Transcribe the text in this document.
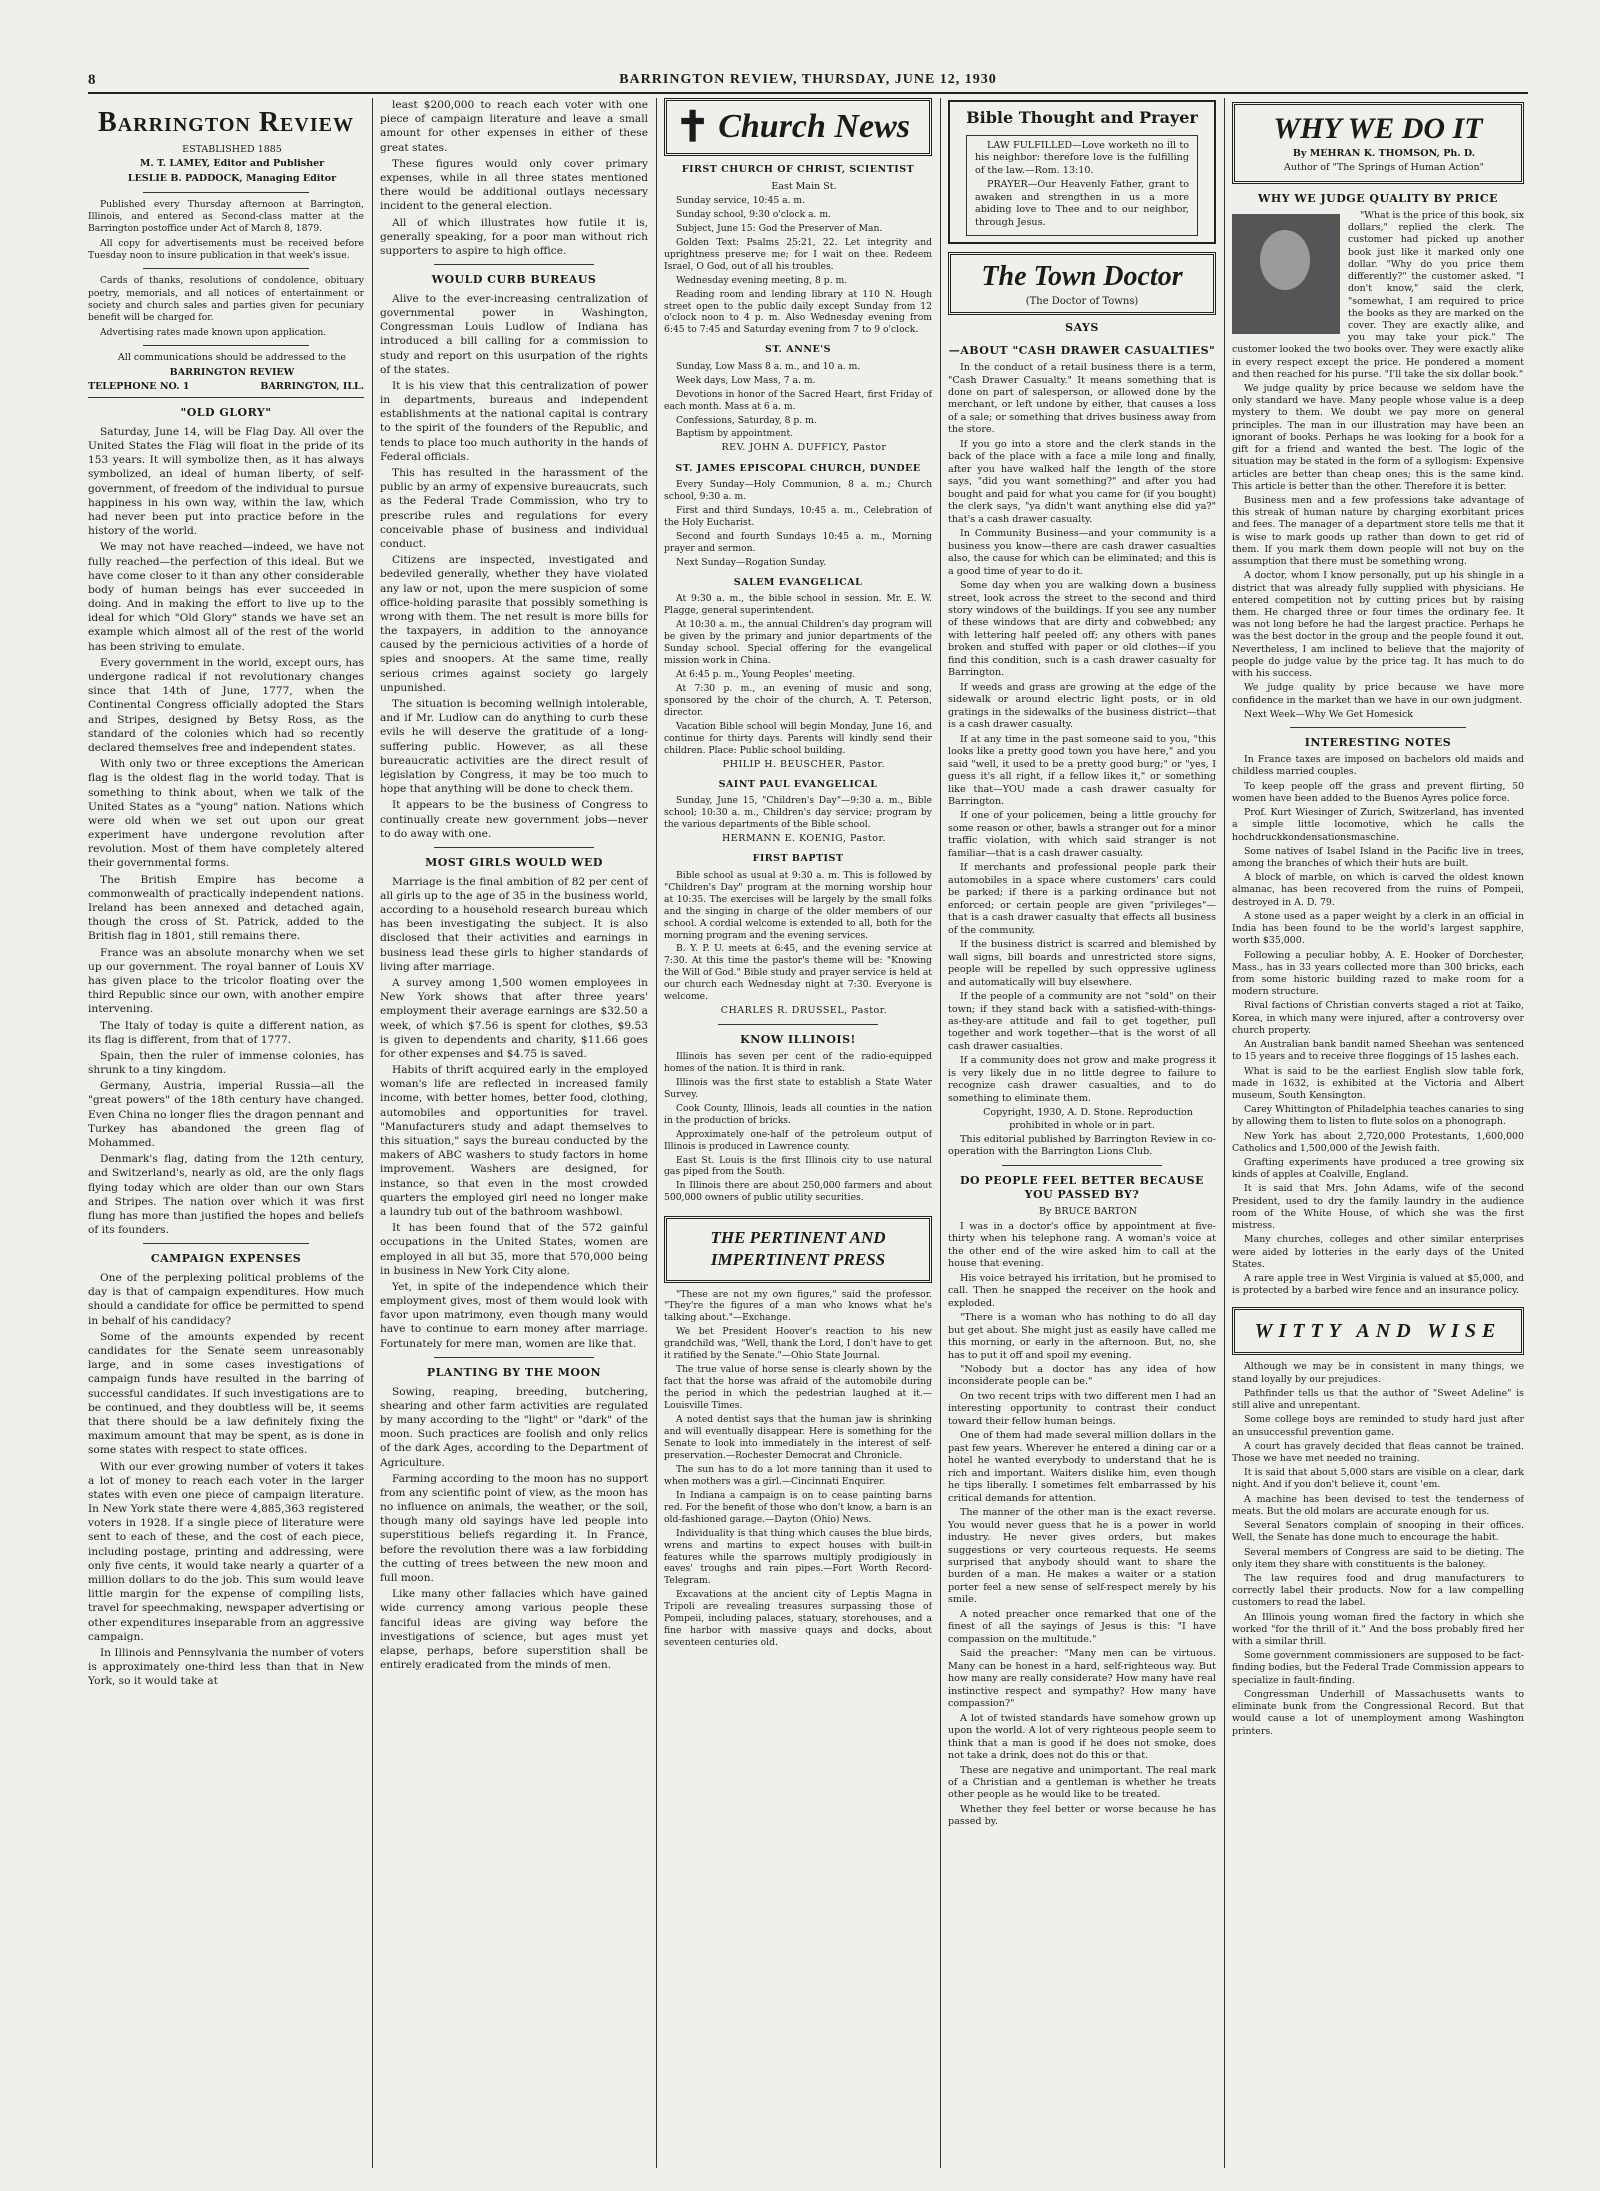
8	BARRINGTON REVIEW, THURSDAY, JUNE 12, 1930
Barrington Review

ESTABLISHED 1885

M. T. LAMEY, Editor and Publisher

LESLIE B. PADDOCK, Managing Editor

Published every Thursday afternoon at Barrington, Illinois, and entered as Second-class matter at the Barrington postoffice under Act of March 8, 1879.

All copy for advertisements must be received before Tuesday noon to insure publication in that week's issue.

Cards of thanks, resolutions of condolence, obituary poetry, memorials, and all notices of entertainment or society and church sales and parties given for pecuniary benefit will be charged for.

Advertising rates made known upon application.

All communications should be addressed to the

BARRINGTON REVIEW

TELEPHONE NO. 1	BARRINGTON, ILL.
"OLD GLORY"

Saturday, June 14, will be Flag Day. All over the United States the Flag will float in the pride of its 153 years. It will symbolize then, as it has always symbolized, an ideal of human liberty, of self-government, of freedom of the individual to pursue happiness in his own way, within the law, which had never been put into practice before in the history of the world.

We may not have reached—indeed, we have not fully reached—the perfection of this ideal. But we have come closer to it than any other considerable body of human beings has ever succeeded in doing. And in making the effort to live up to the ideal for which "Old Glory" stands we have set an example which almost all of the rest of the world has been striving to emulate.

Every government in the world, except ours, has undergone radical if not revolutionary changes since that 14th of June, 1777, when the Continental Congress officially adopted the Stars and Stripes, designed by Betsy Ross, as the standard of the colonies which had so recently declared themselves free and independent states.

With only two or three exceptions the American flag is the oldest flag in the world today. That is something to think about, when we talk of the United States as a "young" nation. Nations which were old when we set out upon our great experiment have undergone revolution after revolution. Most of them have completely altered their governmental forms.

The British Empire has become a commonwealth of practically independent nations. Ireland has been annexed and detached again, though the cross of St. Patrick, added to the British flag in 1801, still remains there.

France was an absolute monarchy when we set up our government. The royal banner of Louis XV has given place to the tricolor floating over the third Republic since our own, with another empire intervening.

The Italy of today is quite a different nation, as its flag is different, from that of 1777.

Spain, then the ruler of immense colonies, has shrunk to a tiny kingdom.

Germany, Austria, imperial Russia—all the "great powers" of the 18th century have changed. Even China no longer flies the dragon pennant and Turkey has abandoned the green flag of Mohammed.

Denmark's flag, dating from the 12th century, and Switzerland's, nearly as old, are the only flags flying today which are older than our own Stars and Stripes. The nation over which it was first flung has more than justified the hopes and beliefs of its founders.

CAMPAIGN EXPENSES

One of the perplexing political problems of the day is that of campaign expenditures. How much should a candidate for office be permitted to spend in behalf of his candidacy?

Some of the amounts expended by recent candidates for the Senate seem unreasonably large, and in some cases investigations of campaign funds have resulted in the barring of successful candidates. If such investigations are to be continued, and they doubtless will be, it seems that there should be a law definitely fixing the maximum amount that may be spent, as is done in some states with respect to state offices.

With our ever growing number of voters it takes a lot of money to reach each voter in the larger states with even one piece of campaign literature. In New York state there were 4,885,363 registered voters in 1928. If a single piece of literature were sent to each of these, and the cost of each piece, including postage, printing and addressing, were only five cents, it would take nearly a quarter of a million dollars to do the job. This sum would leave little margin for the expense of compiling lists, travel for speechmaking, newspaper advertising or other expenditures inseparable from an aggressive campaign.

In Illinois and Pennsylvania the number of voters is approximately one-third less than that in New York, so it would take at

least $200,000 to reach each voter with one piece of campaign literature and leave a small amount for other expenses in either of these great states.

These figures would only cover primary expenses, while in all three states mentioned there would be additional outlays necessary incident to the general election.

All of which illustrates how futile it is, generally speaking, for a poor man without rich supporters to aspire to high office.

WOULD CURB BUREAUS

Alive to the ever-increasing centralization of governmental power in Washington, Congressman Louis Ludlow of Indiana has introduced a bill calling for a commission to study and report on this usurpation of the rights of the states.

It is his view that this centralization of power in departments, bureaus and independent establishments at the national capital is contrary to the spirit of the founders of the Republic, and tends to place too much authority in the hands of Federal officials.

This has resulted in the harassment of the public by an army of expensive bureaucrats, such as the Federal Trade Commission, who try to prescribe rules and regulations for every conceivable phase of business and individual conduct.

Citizens are inspected, investigated and bedeviled generally, whether they have violated any law or not, upon the mere suspicion of some office-holding parasite that possibly something is wrong with them. The net result is more bills for the taxpayers, in addition to the annoyance caused by the pernicious activities of a horde of spies and snoopers. At the same time, really serious crimes against society go largely unpunished.

The situation is becoming wellnigh intolerable, and if Mr. Ludlow can do anything to curb these evils he will deserve the gratitude of a long-suffering public. However, as all these bureaucratic activities are the direct result of legislation by Congress, it may be too much to hope that anything will be done to check them.

It appears to be the business of Congress to continually create new government jobs—never to do away with one.

MOST GIRLS WOULD WED

Marriage is the final ambition of 82 per cent of all girls up to the age of 35 in the business world, according to a household research bureau which has been investigating the subject. It is also disclosed that their activities and earnings in business lead these girls to higher standards of living after marriage.

A survey among 1,500 women employees in New York shows that after three years' employment their average earnings are $32.50 a week, of which $7.56 is spent for clothes, $9.53 is given to dependents and charity, $11.66 goes for other expenses and $4.75 is saved.

Habits of thrift acquired early in the employed woman's life are reflected in increased family income, with better homes, better food, clothing, automobiles and opportunities for travel. "Manufacturers study and adapt themselves to this situation," says the bureau conducted by the makers of ABC washers to study factors in home improvement. Washers are designed, for instance, so that even in the most crowded quarters the employed girl need no longer make a laundry tub out of the bathroom washbowl.

It has been found that of the 572 gainful occupations in the United States, women are employed in all but 35, more that 570,000 being in business in New York City alone.

Yet, in spite of the independence which their employment gives, most of them would look with favor upon matrimony, even though many would have to continue to earn money after marriage. Fortunately for mere man, women are like that.

PLANTING BY THE MOON

Sowing, reaping, breeding, butchering, shearing and other farm activities are regulated by many according to the "light" or "dark" of the moon. Such practices are foolish and only relics of the dark Ages, according to the Department of Agriculture.

Farming according to the moon has no support from any scientific point of view, as the moon has no influence on animals, the weather, or the soil, though many old sayings have led people into superstitious beliefs regarding it. In France, before the revolution there was a law forbidding the cutting of trees between the new moon and full moon.

Like many other fallacies which have gained wide currency among various people these fanciful ideas are giving way before the investigations of science, but ages must yet elapse, perhaps, before superstition shall be entirely eradicated from the minds of men.

✝ Church News
FIRST CHURCH OF CHRIST, SCIENTIST

East Main St.

Sunday service, 10:45 a. m.

Sunday school, 9:30 o'clock a. m.

Subject, June 15: God the Preserver of Man.

Golden Text: Psalms 25:21, 22. Let integrity and uprightness preserve me; for I wait on thee. Redeem Israel, O God, out of all his troubles.

Wednesday evening meeting, 8 p. m.

Reading room and lending library at 110 N. Hough street open to the public daily except Sunday from 12 o'clock noon to 4 p. m. Also Wednesday evening from 6:45 to 7:45 and Saturday evening from 7 to 9 o'clock.

ST. ANNE'S

Sunday, Low Mass 8 a. m., and 10 a. m.

Week days, Low Mass, 7 a. m.

Devotions in honor of the Sacred Heart, first Friday of each month. Mass at 6 a. m.

Confessions, Saturday, 8 p. m.

Baptism by appointment.

REV. JOHN A. DUFFICY, Pastor

ST. JAMES EPISCOPAL CHURCH, DUNDEE

Every Sunday—Holy Communion, 8 a. m.; Church school, 9:30 a. m.

First and third Sundays, 10:45 a. m., Celebration of the Holy Eucharist.

Second and fourth Sundays 10:45 a. m., Morning prayer and sermon.

Next Sunday—Rogation Sunday.

SALEM EVANGELICAL

At 9:30 a. m., the bible school in session. Mr. E. W. Plagge, general superintendent.

At 10:30 a. m., the annual Children's day program will be given by the primary and junior departments of the Sunday school. Special offering for the evangelical mission work in China.

At 6:45 p. m., Young Peoples' meeting.

At 7:30 p. m., an evening of music and song, sponsored by the choir of the church, A. T. Peterson, director.

Vacation Bible school will begin Monday, June 16, and continue for thirty days. Parents will kindly send their children. Place: Public school building.

PHILIP H. BEUSCHER, Pastor.

SAINT PAUL EVANGELICAL

Sunday, June 15, "Children's Day"—9:30 a. m., Bible school; 10:30 a. m., Children's day service; program by the various departments of the Bible school.

HERMANN E. KOENIG, Pastor.

FIRST BAPTIST

Bible school as usual at 9:30 a. m. This is followed by "Children's Day" program at the morning worship hour at 10:35. The exercises will be largely by the small folks and the singing in charge of the older members of our school. A cordial welcome is extended to all, both for the morning program and the evening services.

B. Y. P. U. meets at 6:45, and the evening service at 7:30. At this time the pastor's theme will be: "Knowing the Will of God." Bible study and prayer service is held at our church each Wednesday night at 7:30. Everyone is welcome.

CHARLES R. DRUSSEL, Pastor.

KNOW ILLINOIS!

Illinois has seven per cent of the radio-equipped homes of the nation. It is third in rank.

Illinois was the first state to establish a State Water Survey.

Cook County, Illinois, leads all counties in the nation in the production of bricks.

Approximately one-half of the petroleum output of Illinois is produced in Lawrence county.

East St. Louis is the first Illinois city to use natural gas piped from the South.

In Illinois there are about 250,000 farmers and about 500,000 owners of public utility securities.

THE PERTINENT AND IMPERTINENT PRESS

"These are not my own figures," said the professor. "They're the figures of a man who knows what he's talking about."—Exchange.

We bet President Hoover's reaction to his new grandchild was, "Well, thank the Lord, I don't have to get it ratified by the Senate."—Ohio State Journal.

The true value of horse sense is clearly shown by the fact that the horse was afraid of the automobile during the period in which the pedestrian laughed at it.—Louisville Times.

A noted dentist says that the human jaw is shrinking and will eventually disappear. Here is something for the Senate to look into immediately in the interest of self-preservation.—Rochester Democrat and Chronicle.

The sun has to do a lot more tanning than it used to when mothers was a girl.—Cincinnati Enquirer.

In Indiana a campaign is on to cease painting barns red. For the benefit of those who don't know, a barn is an old-fashioned garage.—Dayton (Ohio) News.

Individuality is that thing which causes the blue birds, wrens and martins to expect houses with built-in features while the sparrows multiply prodigiously in eaves' troughs and rain pipes.—Fort Worth Record-Telegram.

Excavations at the ancient city of Leptis Magna in Tripoli are revealing treasures surpassing those of Pompeii, including palaces, statuary, storehouses, and a fine harbor with massive quays and docks, about seventeen centuries old.

Bible Thought and Prayer

LAW FULFILLED—Love worketh no ill to his neighbor: therefore love is the fulfilling of the law.—Rom. 13:10.

PRAYER—Our Heavenly Father, grant to awaken and strengthen in us a more abiding love to Thee and to our neighbor, through Jesus.

The Town Doctor
(The Doctor of Towns)
SAYS
—ABOUT "CASH DRAWER CASUALTIES"

In the conduct of a retail business there is a term, "Cash Drawer Casualty." It means something that is done on part of salesperson, or allowed done by the merchant, or left undone by either, that causes a loss of a sale; or something that drives business away from the store.

If you go into a store and the clerk stands in the back of the place with a face a mile long and finally, after you have walked half the length of the store says, "did you want something?" and after you had bought and paid for what you came for (if you bought) the clerk says, "ya didn't want anything else did ya?" that's a cash drawer casualty.

In Community Business—and your community is a business you know—there are cash drawer casualties also, the cause for which can be eliminated; and this is a good time of year to do it.

Some day when you are walking down a business street, look across the street to the second and third story windows of the buildings. If you see any number of these windows that are dirty and cobwebbed; any with lettering half peeled off; any others with panes broken and stuffed with paper or old clothes—if you find this condition, such is a cash drawer casualty for Barrington.

If weeds and grass are growing at the edge of the sidewalk or around electric light posts, or in old gratings in the sidewalks of the business district—that is a cash drawer casualty.

If at any time in the past someone said to you, "this looks like a pretty good town you have here," and you said "well, it used to be a pretty good burg;" or "yes, I guess it's all right, if a fellow likes it," or something like that—YOU made a cash drawer casualty for Barrington.

If one of your policemen, being a little grouchy for some reason or other, bawls a stranger out for a minor traffic violation, with which said stranger is not familiar—that is a cash drawer casualty.

If merchants and professional people park their automobiles in a space where customers' cars could be parked; if there is a parking ordinance but not enforced; or certain people are given "privileges"—that is a cash drawer casualty that effects all business of the community.

If the business district is scarred and blemished by wall signs, bill boards and unrestricted store signs, people will be repelled by such oppressive ugliness and automatically will buy elsewhere.

If the people of a community are not "sold" on their town; if they stand back with a satisfied-with-things-as-they-are attitude and fail to get together, pull together and work together—that is the worst of all cash drawer casualties.

If a community does not grow and make progress it is very likely due in no little degree to failure to recognize cash drawer casualties, and to do something to eliminate them.

Copyright, 1930, A. D. Stone. Reproduction prohibited in whole or in part.

This editorial published by Barrington Review in co-operation with the Barrington Lions Club.

DO PEOPLE FEEL BETTER BECAUSE YOU PASSED BY?

By BRUCE BARTON

I was in a doctor's office by appointment at five-thirty when his telephone rang. A woman's voice at the other end of the wire asked him to call at the house that evening.

His voice betrayed his irritation, but he promised to call. Then he snapped the receiver on the hook and exploded.

"There is a woman who has nothing to do all day but get about. She might just as easily have called me this morning, or early in the afternoon. But, no, she has to put it off and spoil my evening.

"Nobody but a doctor has any idea of how inconsiderate people can be."

On two recent trips with two different men I had an interesting opportunity to contrast their conduct toward their fellow human beings.

One of them had made several million dollars in the past few years. Wherever he entered a dining car or a hotel he wanted everybody to understand that he is rich and important. Waiters dislike him, even though he tips liberally. I sometimes felt embarrassed by his critical demands for attention.

The manner of the other man is the exact reverse. You would never guess that he is a power in world industry. He never gives orders, but makes suggestions or very courteous requests. He seems surprised that anybody should want to share the burden of a man. He makes a waiter or a station porter feel a new sense of self-respect merely by his smile.

A noted preacher once remarked that one of the finest of all the sayings of Jesus is this: "I have compassion on the multitude."

Said the preacher: "Many men can be virtuous. Many can be honest in a hard, self-righteous way. But how many are really considerate? How many have real instinctive respect and sympathy? How many have compassion?"

A lot of twisted standards have somehow grown up upon the world. A lot of very righteous people seem to think that a man is good if he does not smoke, does not take a drink, does not do this or that.

These are negative and unimportant. The real mark of a Christian and a gentleman is whether he treats other people as he would like to be treated.

Whether they feel better or worse because he has passed by.

WHY WE DO IT

By MEHRAN K. THOMSON, Ph. D.

Author of "The Springs of Human Action"

WHY WE JUDGE QUALITY BY PRICE

"What is the price of this book, six dollars," replied the clerk. The customer had picked up another book just like it marked only one dollar. "Why do you price them differently?" the customer asked. "I don't know," said the clerk, "somewhat, I am required to price the books as they are marked on the cover. They are exactly alike, and you may take your pick." The customer looked the two books over. They were exactly alike in every respect except the price. He pondered a moment and then reached for his purse. "I'll take the six dollar book."

We judge quality by price because we seldom have the only standard we have. Many people whose value is a deep mystery to them. We doubt we pay more on general principles. The man in our illustration may have been an ignorant of books. Perhaps he was looking for a book for a gift for a friend and wanted the best. The logic of the situation may be stated in the form of a syllogism: Expensive articles are better than cheap ones; this is the same kind. This article is better than the other. Therefore it is better.

Business men and a few professions take advantage of this streak of human nature by charging exorbitant prices and fees. The manager of a department store tells me that it is wise to mark goods up rather than down to get rid of them. If you mark them down people will not buy on the assumption that there must be something wrong.

A doctor, whom I know personally, put up his shingle in a district that was already fully supplied with physicians. He entered competition not by cutting prices but by raising them. He charged three or four times the ordinary fee. It was not long before he had the largest practice. Perhaps he was the best doctor in the group and the people found it out. Nevertheless, I am inclined to believe that the majority of people do judge value by the price tag. It has much to do with his success.

We judge quality by price because we have more confidence in the market than we have in our own judgment.

Next Week—Why We Get Homesick

INTERESTING NOTES

In France taxes are imposed on bachelors old maids and childless married couples.

To keep people off the grass and prevent flirting, 50 women have been added to the Buenos Ayres police force.

Prof. Kurt Wiesinger of Zurich, Switzerland, has invented a simple little locomotive, which he calls the hochdruckkondensationsmaschine.

Some natives of Isabel Island in the Pacific live in trees, among the branches of which their huts are built.

A block of marble, on which is carved the oldest known almanac, has been recovered from the ruins of Pompeii, destroyed in A. D. 79.

A stone used as a paper weight by a clerk in an official in India has been found to be the world's largest sapphire, worth $35,000.

Following a peculiar hobby, A. E. Hooker of Dorchester, Mass., has in 33 years collected more than 300 bricks, each from some historic building razed to make room for a modern structure.

Rival factions of Christian converts staged a riot at Taiko, Korea, in which many were injured, after a controversy over church property.

An Australian bank bandit named Sheehan was sentenced to 15 years and to receive three floggings of 15 lashes each.

What is said to be the earliest English slow table fork, made in 1632, is exhibited at the Victoria and Albert museum, South Kensington.

Carey Whittington of Philadelphia teaches canaries to sing by allowing them to listen to flute solos on a phonograph.

New York has about 2,720,000 Protestants, 1,600,000 Catholics and 1,500,000 of the Jewish faith.

Grafting experiments have produced a tree growing six kinds of apples at Coalville, England.

It is said that Mrs. John Adams, wife of the second President, used to dry the family laundry in the audience room of the White House, of which she was the first mistress.

Many churches, colleges and other similar enterprises were aided by lotteries in the early days of the United States.

A rare apple tree in West Virginia is valued at $5,000, and is protected by a barbed wire fence and an insurance policy.

WITTY AND WISE

Although we may be in consistent in many things, we stand loyally by our prejudices.

Pathfinder tells us that the author of "Sweet Adeline" is still alive and unrepentant.

Some college boys are reminded to study hard just after an unsuccessful prevention game.

A court has gravely decided that fleas cannot be trained. Those we have met needed no training.

It is said that about 5,000 stars are visible on a clear, dark night. And if you don't believe it, count 'em.

A machine has been devised to test the tenderness of meats. But the old molars are accurate enough for us.

Several Senators complain of snooping in their offices. Well, the Senate has done much to encourage the habit.

Several members of Congress are said to be dieting. The only item they share with constituents is the baloney.

The law requires food and drug manufacturers to correctly label their products. Now for a law compelling customers to read the label.

An Illinois young woman fired the factory in which she worked "for the thrill of it." And the boss probably fired her with a similar thrill.

Some government commissioners are supposed to be fact-finding bodies, but the Federal Trade Commission appears to specialize in fault-finding.

Congressman Underhill of Massachusetts wants to eliminate bunk from the Congressional Record. But that would cause a lot of unemployment among Washington printers.
